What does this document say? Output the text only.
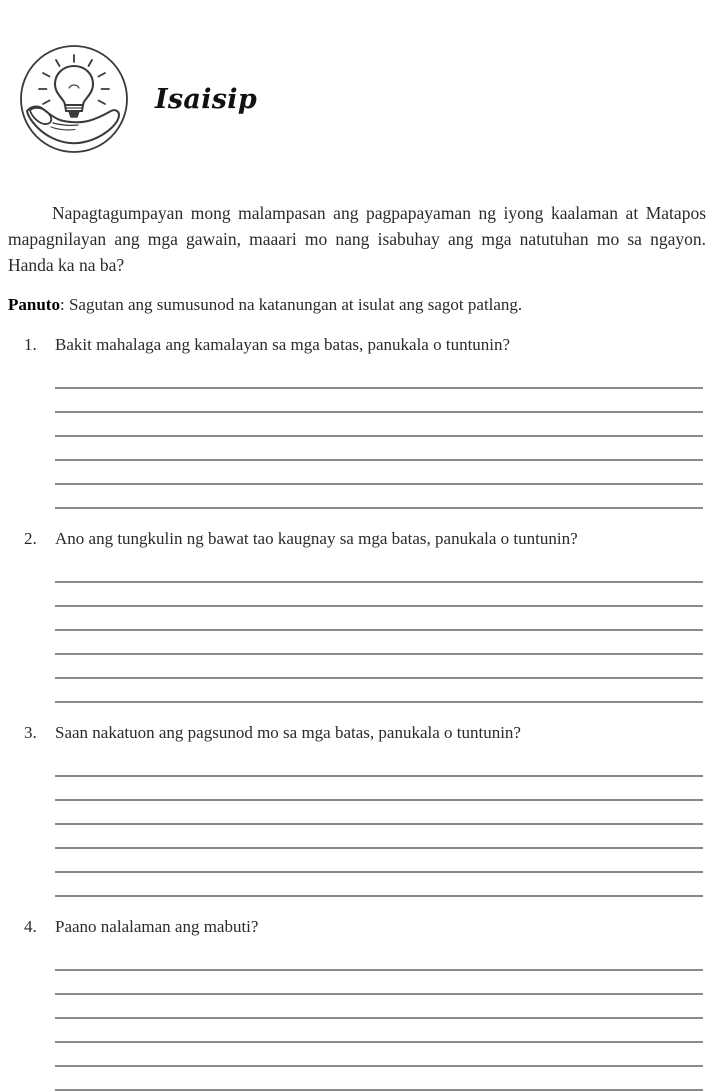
Isaisip

Napagtagumpayan mong malampasan ang pagpapayaman ng iyong kaalaman at Matapos mapagnilayan ang mga gawain, maaari mo nang isabuhay ang mga natutuhan mo sa ngayon. Handa ka na ba?

Panuto: Sagutan ang sumusunod na katanungan at isulat ang sagot patlang.

1. Bakit mahalaga ang kamalayan sa mga batas, panukala o tuntunin?
2. Ano ang tungkulin ng bawat tao kaugnay sa mga batas, panukala o tuntunin?
3. Saan nakatuon ang pagsunod mo sa mga batas, panukala o tuntunin?
4. Paano nalalaman ang mabuti?
